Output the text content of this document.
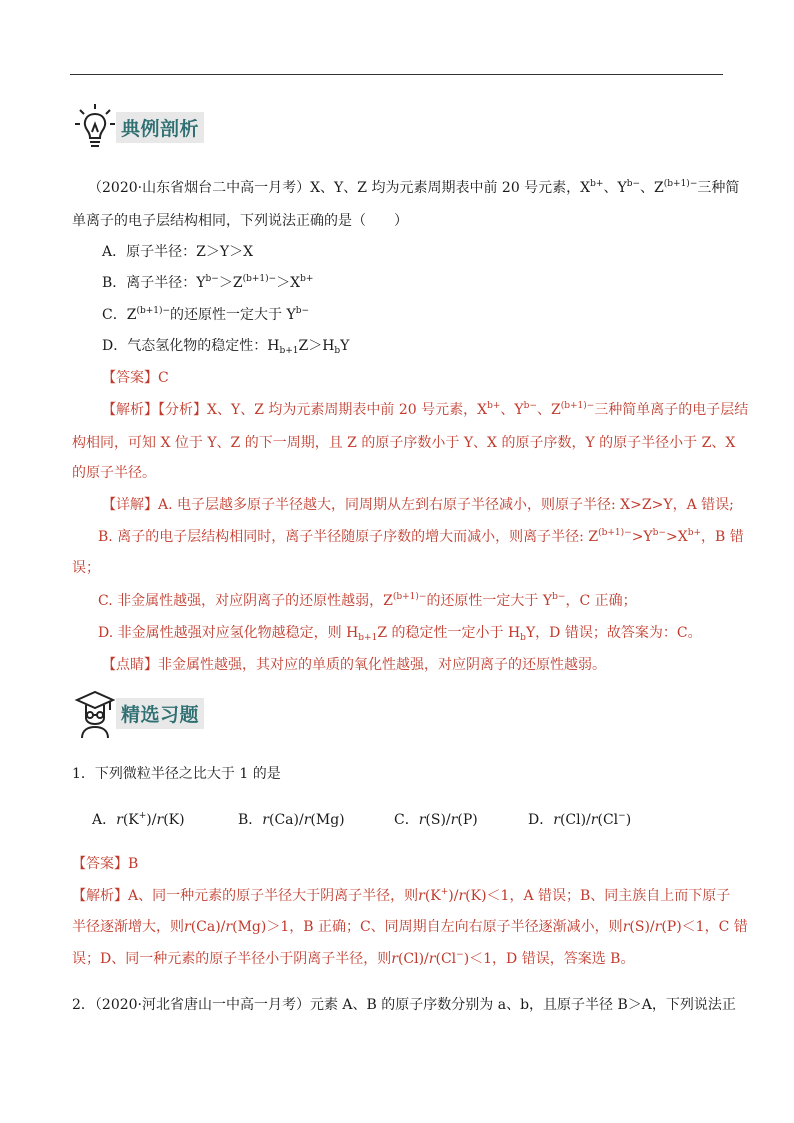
典例剖析
（2020·山东省烟台二中高一月考）X、Y、Z 均为元素周期表中前 20 号元素，$X^{b+}$、$Y^{b-}$、$Z^{(b+1)-}$三种简
单离子的电子层结构相同，下列说法正确的是（　　）
A．原子半径：Z＞Y＞X
B．离子半径：$Y^{b-}>Z^{(b+1)-}>X^{b+}$
C．$Z^{(b+1)-}$的还原性一定大于 $Y^{b-}$
D．气态氢化物的稳定性：$H_{b+1}Z>H_bY$
【答案】C
【解析】【分析】X、Y、Z 均为元素周期表中前 20 号元素，$X^{b+}$、$Y^{b-}$、$Z^{(b+1)-}$三种简单离子的电子层结
构相同，可知 X 位于 Y、Z 的下一周期，且 Z 的原子序数小于 Y、X 的原子序数，Y 的原子半径小于 Z、X
的原子半径。
【详解】A. 电子层越多原子半径越大，同周期从左到右原子半径减小，则原子半径: X>Z>Y，A 错误;
B. 离子的电子层结构相同时，离子半径随原子序数的增大而减小，则离子半径: $Z^{(b+1)-}>Y^{b-}>X^{b+}$，B 错
误；
C. 非金属性越强，对应阴离子的还原性越弱，$Z^{(b+1)-}$的还原性一定大于 $Y^{b-}$，C 正确；
D. 非金属性越强对应氢化物越稳定，则 $H_{b+1}Z$ 的稳定性一定小于 $H_bY$，D 错误；故答案为：C。
【点睛】非金属性越强，其对应的单质的氧化性越强，对应阴离子的还原性越弱。
精选习题
1．下列微粒半径之比大于 1 的是
A．r(K+)/r(K)	B．r(Ca)/r(Mg)	C．r(S)/r(P)	D．r(Cl)/r(Cl−)
【答案】B
【解析】A、同一种元素的原子半径大于阴离子半径，则r(K+)/r(K)＜1，A 错误；B、同主族自上而下原子
半径逐渐增大，则r(Ca)/r(Mg)＞1，B 正确；C、同周期自左向右原子半径逐渐减小，则r(S)/r(P)＜1，C 错
误；D、同一种元素的原子半径小于阴离子半径，则r(Cl)/r(Cl−)＜1，D 错误，答案选 B。
2．（2020·河北省唐山一中高一月考）元素 A、B 的原子序数分别为 a、b，且原子半径 B＞A，下列说法正
